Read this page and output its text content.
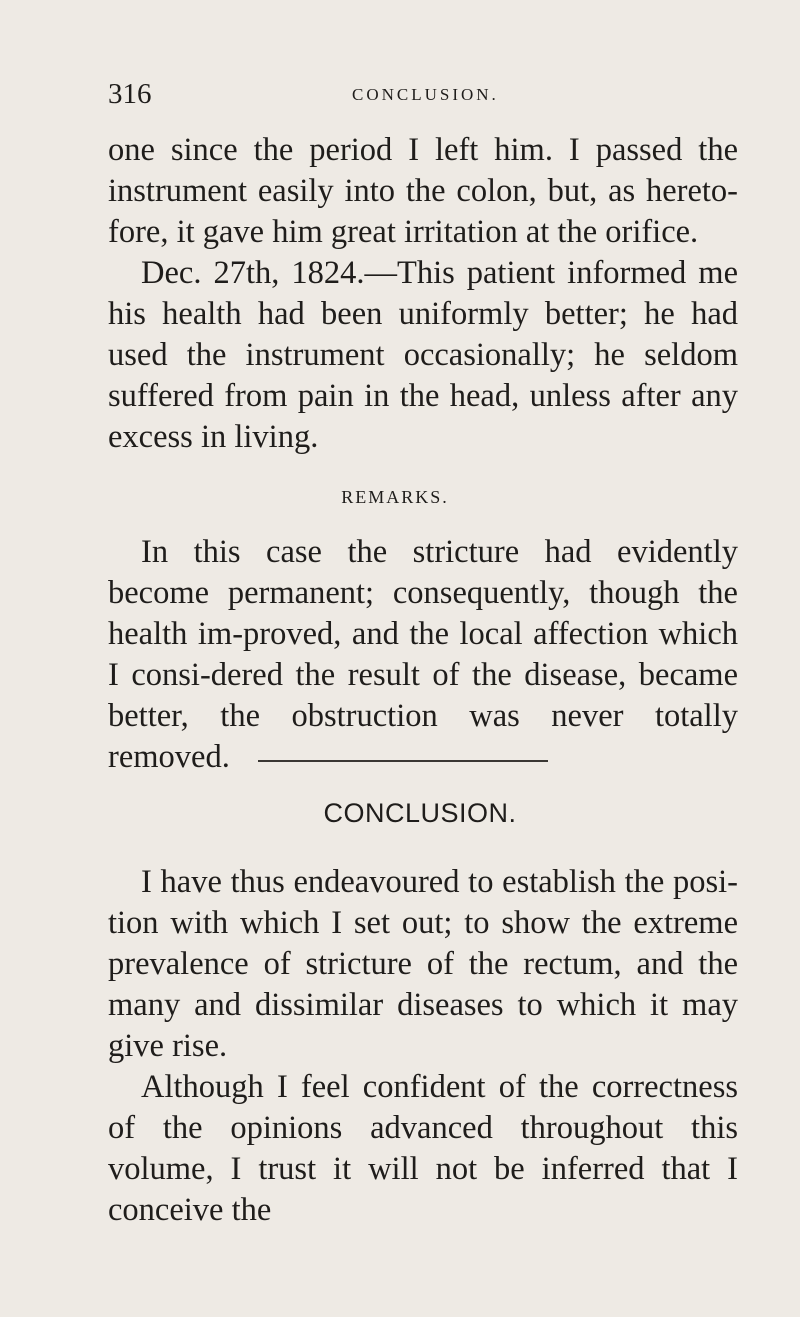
316	CONCLUSION.

one since the period I left him. I passed the instrument easily into the colon, but, as hereto-fore, it gave him great irritation at the orifice.

Dec. 27th, 1824.—This patient informed me his health had been uniformly better; he had used the instrument occasionally; he seldom suffered from pain in the head, unless after any excess in living.

REMARKS.

In this case the stricture had evidently become permanent; consequently, though the health im-proved, and the local affection which I consi-dered the result of the disease, became better, the obstruction was never totally removed.

CONCLUSION.

I have thus endeavoured to establish the posi-tion with which I set out; to show the extreme prevalence of stricture of the rectum, and the many and dissimilar diseases to which it may give rise.

Although I feel confident of the correctness of the opinions advanced throughout this volume, I trust it will not be inferred that I conceive the
